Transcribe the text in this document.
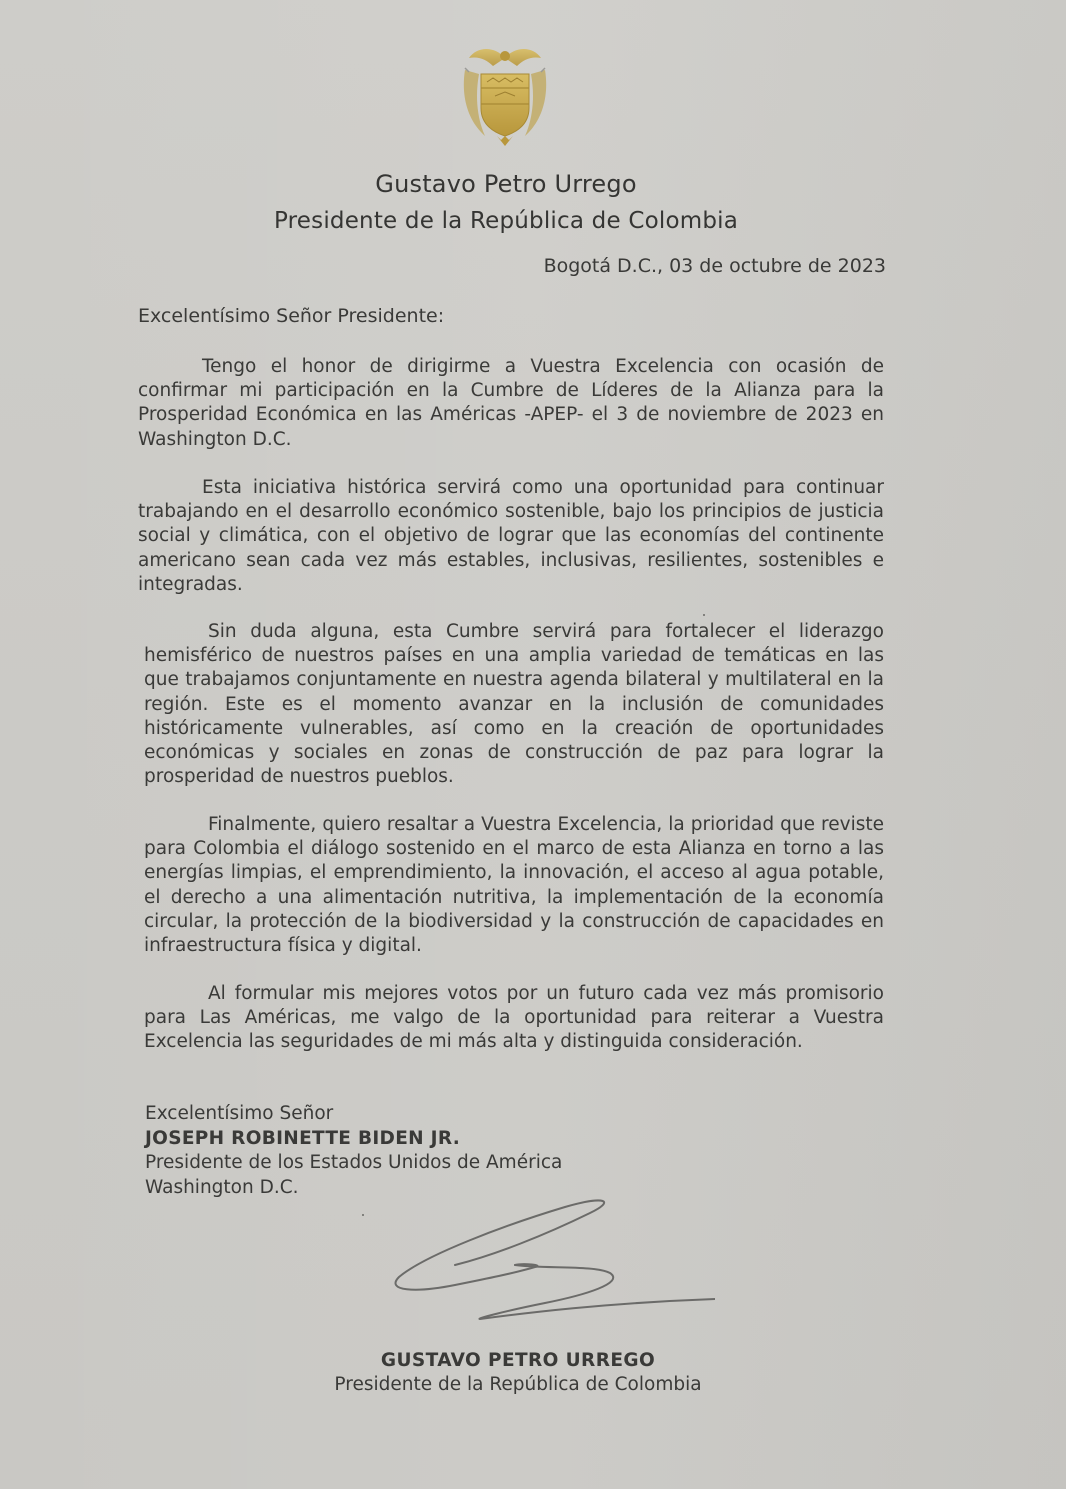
Gustavo Petro Urrego
Presidente de la República de Colombia
Bogotá D.C., 03 de octubre de 2023
Excelentísimo Señor Presidente:
Tengo el honor de dirigirme a Vuestra Excelencia con ocasión de confirmar mi participación en la Cumbre de Líderes de la Alianza para la Prosperidad Económica en las Américas -APEP- el 3 de noviembre de 2023 en Washington D.C.
Esta iniciativa histórica servirá como una oportunidad para continuar trabajando en el desarrollo económico sostenible, bajo los principios de justicia social y climática, con el objetivo de lograr que las economías del continente americano sean cada vez más estables, inclusivas, resilientes, sostenibles e integradas.
Sin duda alguna, esta Cumbre servirá para fortalecer el liderazgo hemisférico de nuestros países en una amplia variedad de temáticas en las que trabajamos conjuntamente en nuestra agenda bilateral y multilateral en la región. Este es el momento avanzar en la inclusión de comunidades históricamente vulnerables, así como en la creación de oportunidades económicas y sociales en zonas de construcción de paz para lograr la prosperidad de nuestros pueblos.
Finalmente, quiero resaltar a Vuestra Excelencia, la prioridad que reviste para Colombia el diálogo sostenido en el marco de esta Alianza en torno a las energías limpias, el emprendimiento, la innovación, el acceso al agua potable, el derecho a una alimentación nutritiva, la implementación de la economía circular, la protección de la biodiversidad y la construcción de capacidades en infraestructura física y digital.
Al formular mis mejores votos por un futuro cada vez más promisorio para Las Américas, me valgo de la oportunidad para reiterar a Vuestra Excelencia las seguridades de mi más alta y distinguida consideración.
Excelentísimo Señor
JOSEPH ROBINETTE BIDEN JR.
Presidente de los Estados Unidos de América
Washington D.C.
GUSTAVO PETRO URREGO
Presidente de la República de Colombia
